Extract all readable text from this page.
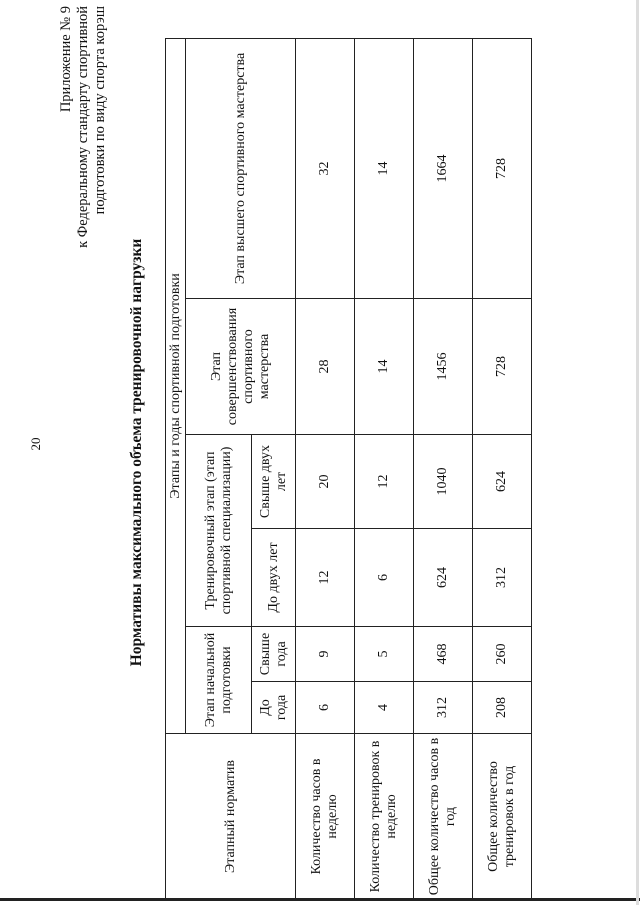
20
Приложение № 9 к Федеральному стандарту спортивной подготовки по виду спорта корэш
Нормативы максимального объема тренировочной нагрузки
Этапный норматив	Этапы и годы спортивной подготовки					
	Этап начальной подготовки		Тренировочный этап (этап спортивной специализации)		Этап совершенствования спортивного мастерства	Этап высшего спортивного мастерства
	До года	Свыше года	До двух лет	Свыше двух лет		
Количество часов в неделю	6	9	12	20	28	32
Количество тренировок в неделю	4	5	6	12	14	14
Общее количество часов в год	312	468	624	1040	1456	1664
Общее количество тренировок в год	208	260	312	624	728	728
